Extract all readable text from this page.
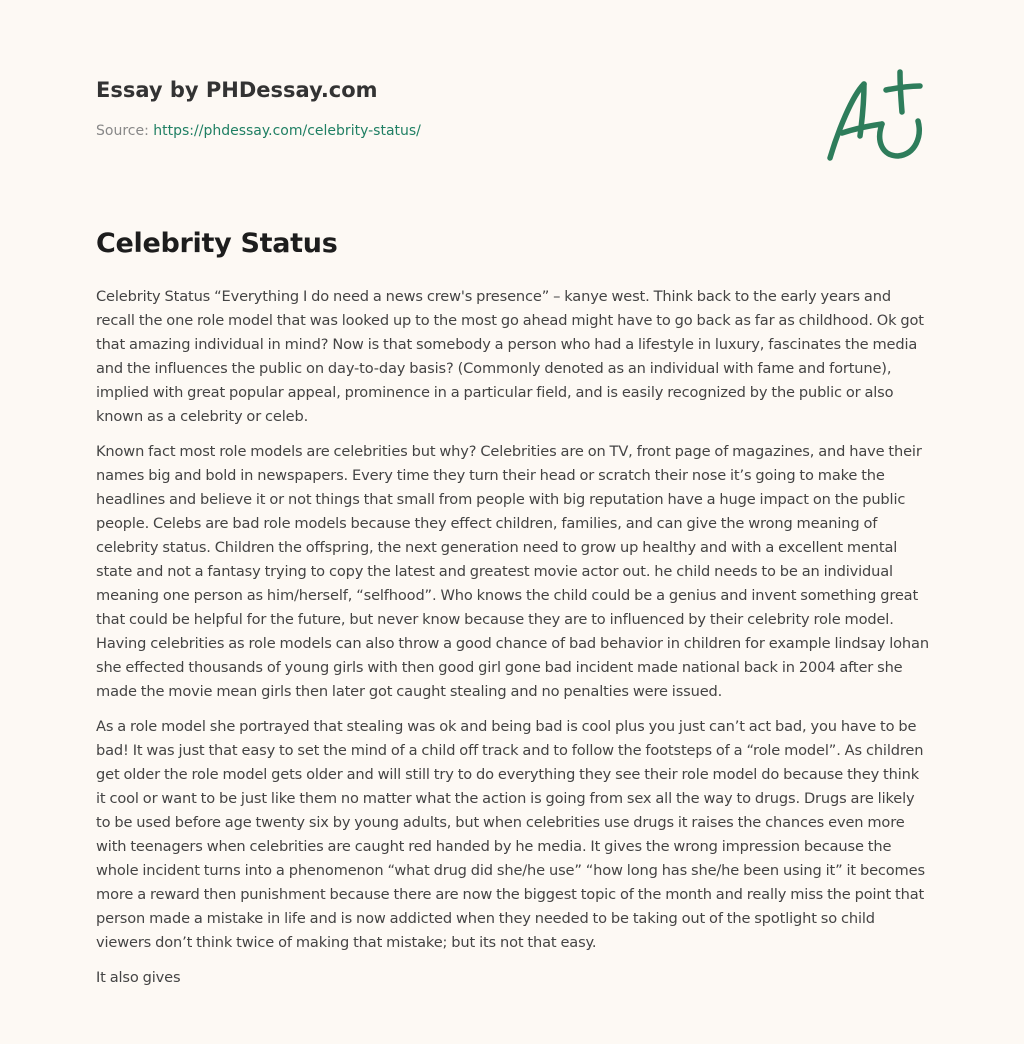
Essay by PHDessay.com
Source: https://phdessay.com/celebrity-status/
Celebrity Status

Celebrity Status “Everything I do need a news crew's presence” – kanye west. Think back to the early years and recall the one role model that was looked up to the most go ahead might have to go back as far as childhood. Ok got that amazing individual in mind? Now is that somebody a person who had a lifestyle in luxury, fascinates the media and the influences the public on day-to-day basis? (Commonly denoted as an individual with fame and fortune), implied with great popular appeal, prominence in a particular field, and is easily recognized by the public or also known as a celebrity or celeb.

Known fact most role models are celebrities but why? Celebrities are on TV, front page of magazines, and have their names big and bold in newspapers. Every time they turn their head or scratch their nose it’s going to make the headlines and believe it or not things that small from people with big reputation have a huge impact on the public people. Celebs are bad role models because they effect children, families, and can give the wrong meaning of celebrity status. Children the offspring, the next generation need to grow up healthy and with a excellent mental state and not a fantasy trying to copy the latest and greatest movie actor out. he child needs to be an individual meaning one person as him/herself, “selfhood”. Who knows the child could be a genius and invent something great that could be helpful for the future, but never know because they are to influenced by their celebrity role model. Having celebrities as role models can also throw a good chance of bad behavior in children for example lindsay lohan she effected thousands of young girls with then good girl gone bad incident made national back in 2004 after she made the movie mean girls then later got caught stealing and no penalties were issued.

As a role model she portrayed that stealing was ok and being bad is cool plus you just can’t act bad, you have to be bad! It was just that easy to set the mind of a child off track and to follow the footsteps of a “role model”. As children get older the role model gets older and will still try to do everything they see their role model do because they think it cool or want to be just like them no matter what the action is going from sex all the way to drugs. Drugs are likely to be used before age twenty six by young adults, but when celebrities use drugs it raises the chances even more with teenagers when celebrities are caught red handed by he media. It gives the wrong impression because the whole incident turns into a phenomenon “what drug did she/he use” “how long has she/he been using it” it becomes more a reward then punishment because there are now the biggest topic of the month and really miss the point that person made a mistake in life and is now addicted when they needed to be taking out of the spotlight so child viewers don’t think twice of making that mistake; but its not that easy.

It also gives
